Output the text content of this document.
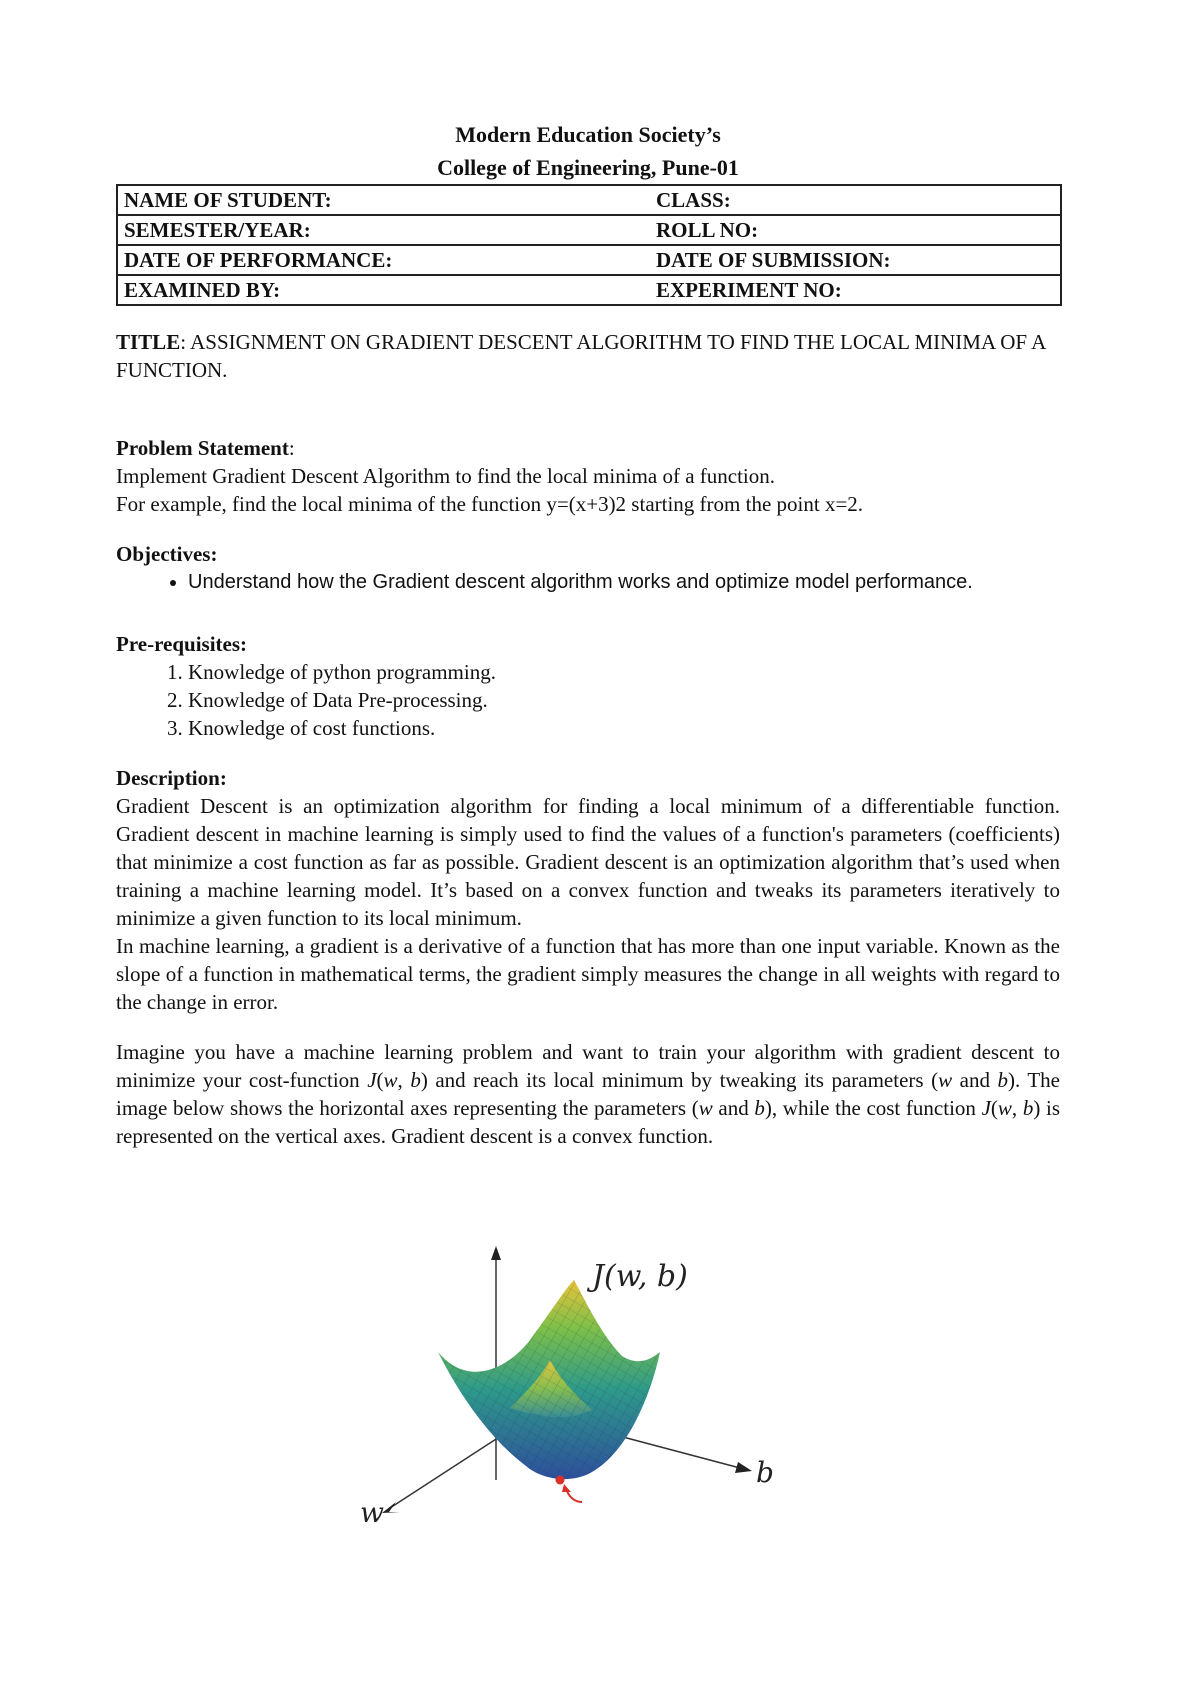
Modern Education Society’s
College of Engineering, Pune-01
NAME OF STUDENT:	CLASS:
SEMESTER/YEAR:	ROLL NO:
DATE OF PERFORMANCE:	DATE OF SUBMISSION:
EXAMINED BY:	EXPERIMENT NO:

TITLE: ASSIGNMENT ON GRADIENT DESCENT ALGORITHM TO FIND THE LOCAL MINIMA OF A FUNCTION.

Problem Statement:

Implement Gradient Descent Algorithm to find the local minima of a function.

For example, find the local minima of the function y=(x+3)2 starting from the point x=2.

Objectives:

• Understand how the Gradient descent algorithm works and optimize model performance.

Pre-requisites:

1. Knowledge of python programming.
2. Knowledge of Data Pre-processing.
3. Knowledge of cost functions.

Description:

Gradient Descent is an optimization algorithm for finding a local minimum of a differentiable function. Gradient descent in machine learning is simply used to find the values of a function's parameters (coefficients) that minimize a cost function as far as possible. Gradient descent is an optimization algorithm that’s used when training a machine learning model. It’s based on a convex function and tweaks its parameters iteratively to minimize a given function to its local minimum.

In machine learning, a gradient is a derivative of a function that has more than one input variable. Known as the slope of a function in mathematical terms, the gradient simply measures the change in all weights with regard to the change in error.

Imagine you have a machine learning problem and want to train your algorithm with gradient descent to minimize your cost-function J(w, b) and reach its local minimum by tweaking its parameters (w and b). The image below shows the horizontal axes representing the parameters (w and b), while the cost function J(w, b) is represented on the vertical axes. Gradient descent is a convex function.

J(w, b)
b
w
